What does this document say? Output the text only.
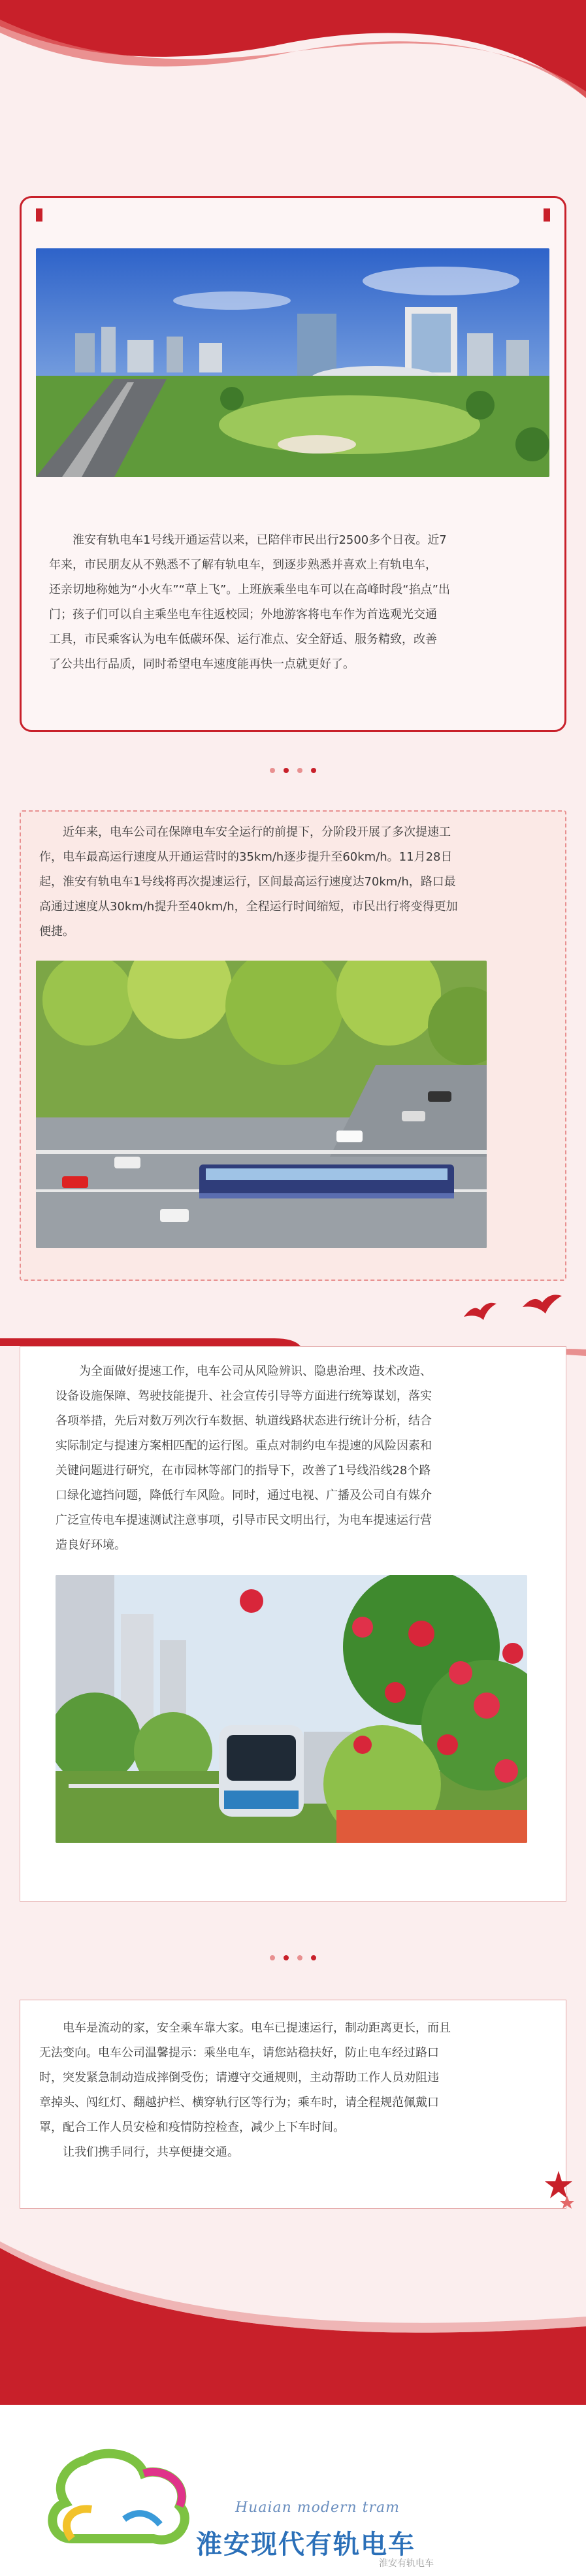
淮安有轨电车1号线开通运营以来，已陪伴市民出行2500多个日夜。近7
年来，市民朋友从不熟悉不了解有轨电车，到逐步熟悉并喜欢上有轨电车，
还亲切地称她为“小火车”“草上飞”。上班族乘坐电车可以在高峰时段“掐点”出
门；孩子们可以自主乘坐电车往返校园；外地游客将电车作为首选观光交通
工具，市民乘客认为电车低碳环保、运行准点、安全舒适、服务精致，改善
了公共出行品质，同时希望电车速度能再快一点就更好了。

近年来，电车公司在保障电车安全运行的前提下，分阶段开展了多次提速工
作，电车最高运行速度从开通运营时的35km/h逐步提升至60km/h。11月28日
起，淮安有轨电车1号线将再次提速运行，区间最高运行速度达70km/h，路口最
高通过速度从30km/h提升至40km/h，全程运行时间缩短，市民出行将变得更加
便捷。
为全面做好提速工作，电车公司从风险辨识、隐患治理、技术改造、
设备设施保障、驾驶技能提升、社会宣传引导等方面进行统筹谋划，落实
各项举措，先后对数万列次行车数据、轨道线路状态进行统计分析，结合
实际制定与提速方案相匹配的运行图。重点对制约电车提速的风险因素和
关键问题进行研究，在市园林等部门的指导下，改善了1号线沿线28个路
口绿化遮挡问题，降低行车风险。同时，通过电视、广播及公司自有媒介
广泛宣传电车提速测试注意事项，引导市民文明出行，为电车提速运行营
造良好环境。

电车是流动的家，安全乘车靠大家。电车已提速运行，制动距离更长，而且
无法变向。电车公司温馨提示：乘坐电车，请您站稳扶好，防止电车经过路口
时，突发紧急制动造成摔倒受伤；请遵守交通规则，主动帮助工作人员劝阻违
章掉头、闯红灯、翻越护栏、横穿轨行区等行为；乘车时，请全程规范佩戴口
罩，配合工作人员安检和疫情防控检查，减少上下车时间。
让我们携手同行，共享便捷交通。
Huaian modern tram
淮安现代有轨电车
淮安有轨电车
